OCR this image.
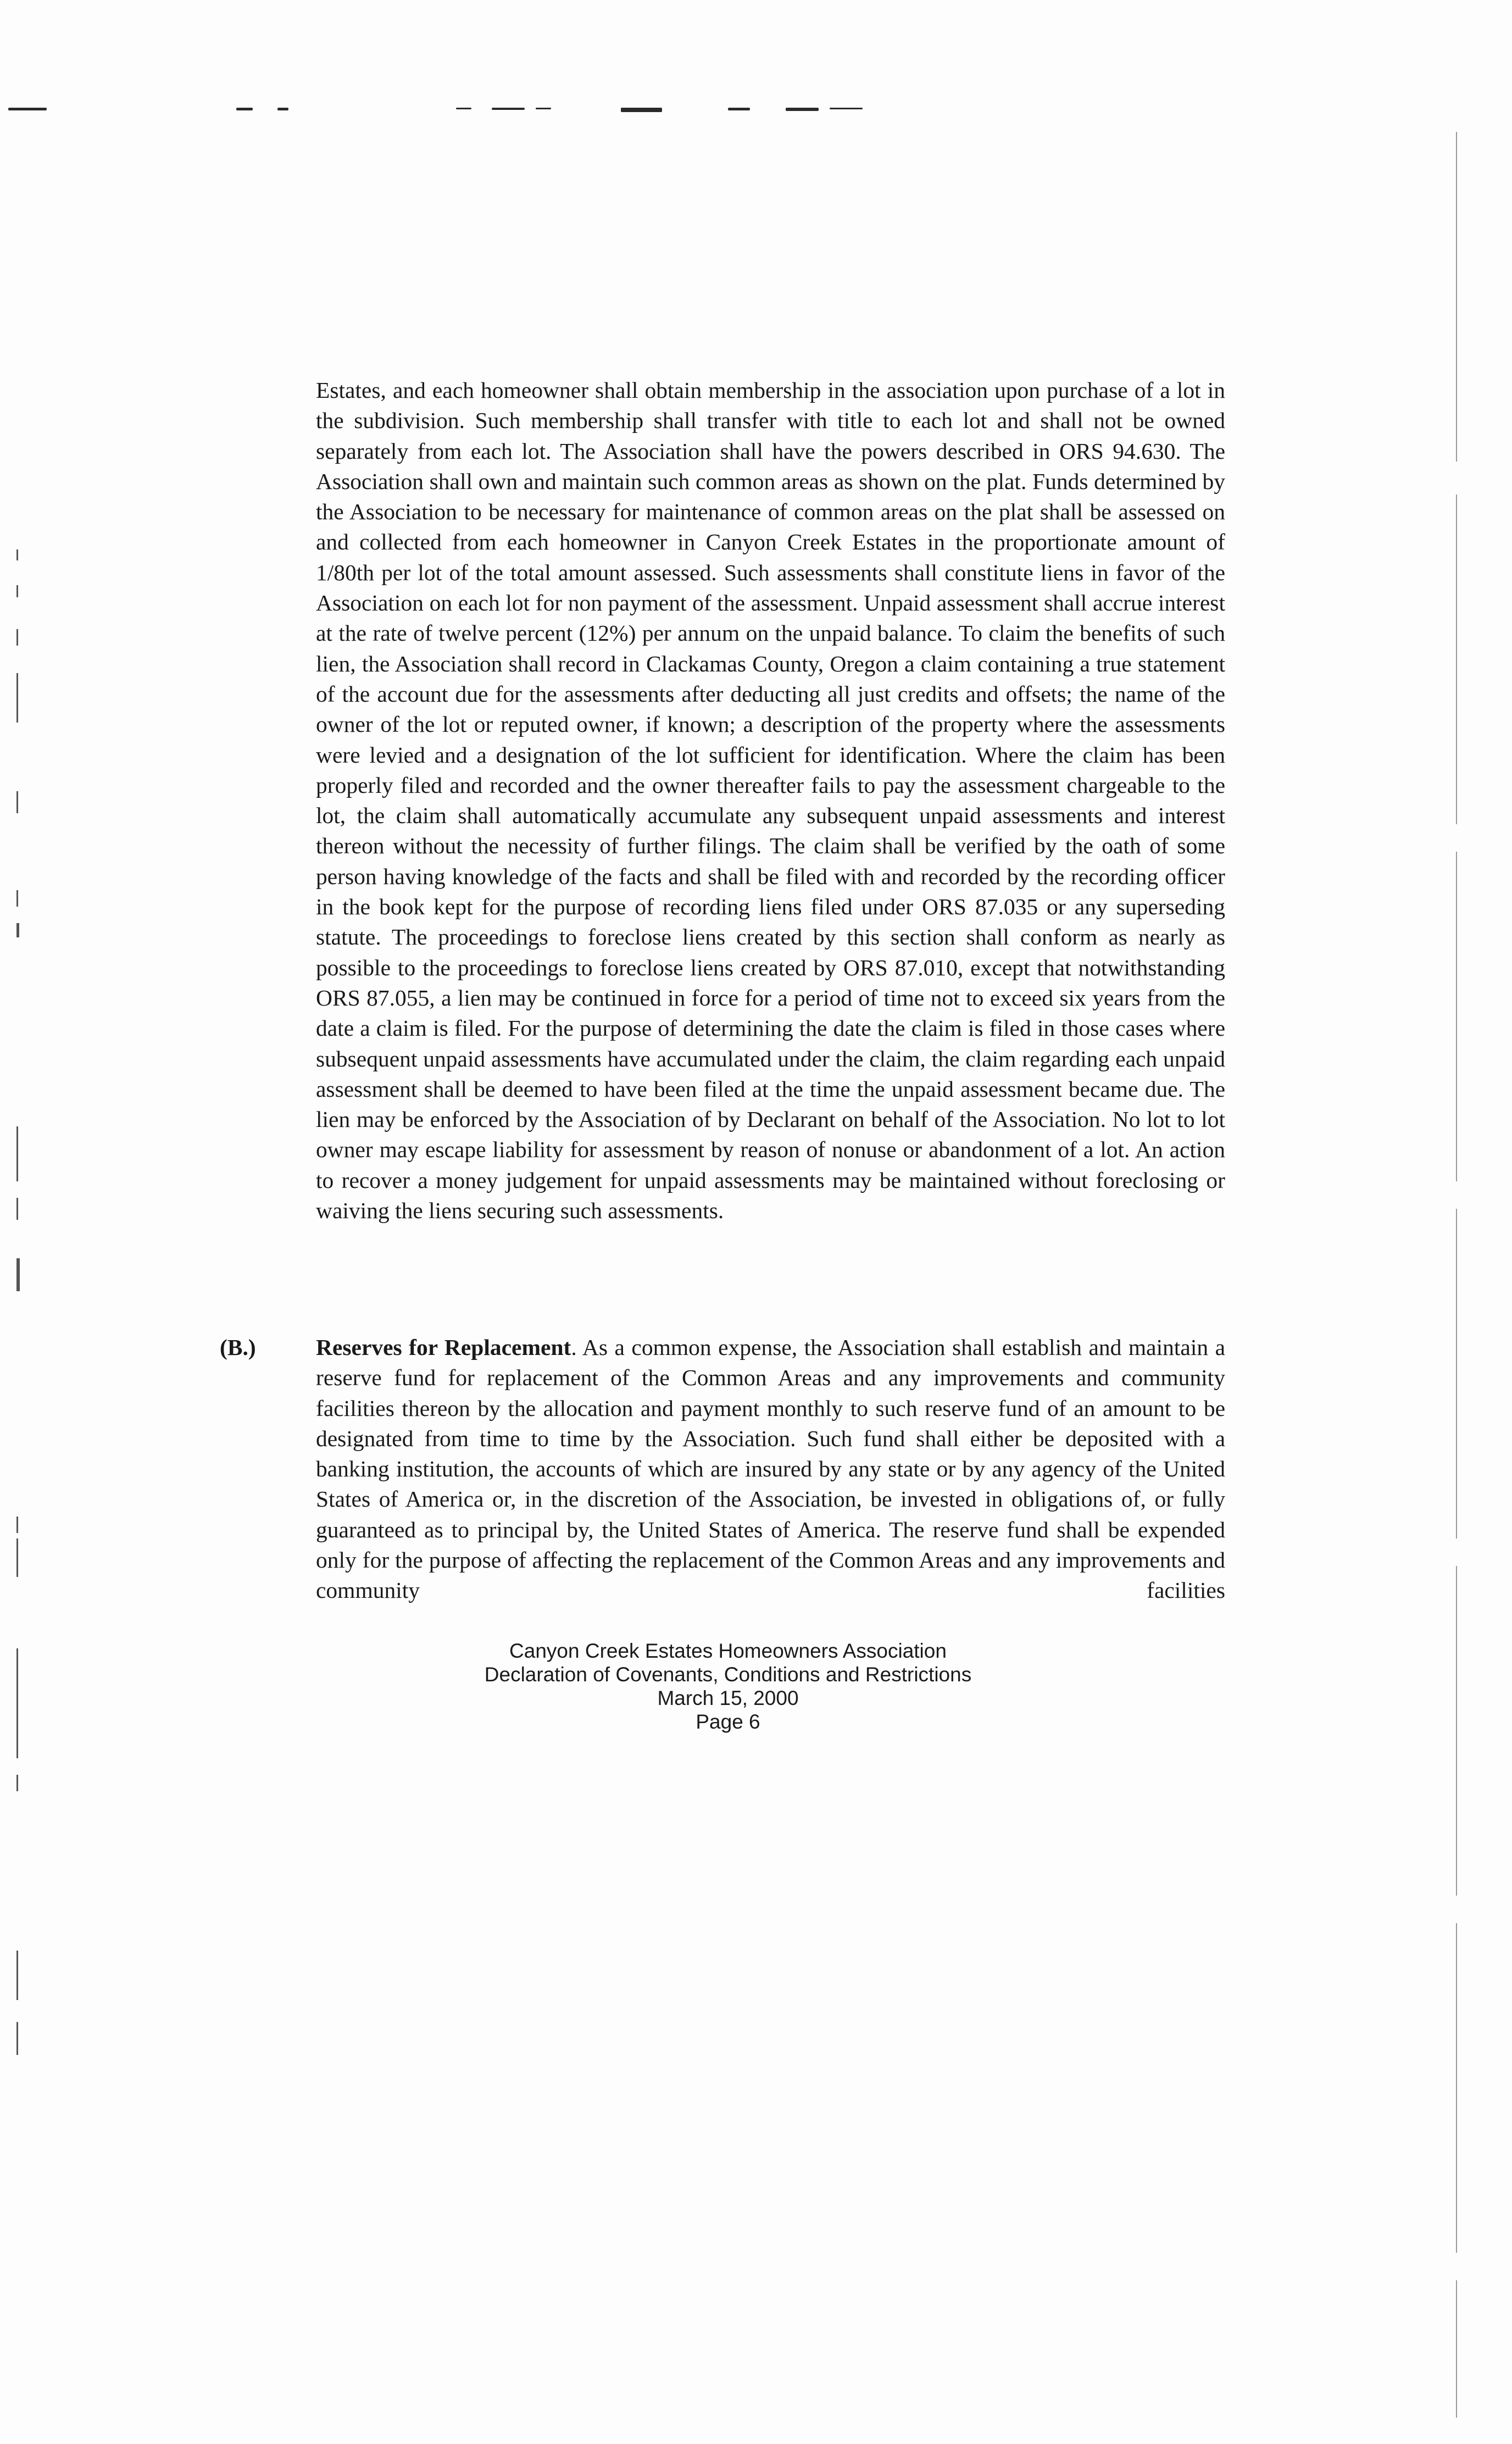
Estates, and each homeowner shall obtain membership in the association upon purchase of a lot in the subdivision. Such membership shall transfer with title to each lot and shall not be owned separately from each lot. The Association shall have the powers described in ORS 94.630. The Association shall own and maintain such common areas as shown on the plat. Funds determined by the Association to be necessary for maintenance of common areas on the plat shall be assessed on and collected from each homeowner in Canyon Creek Estates in the proportionate amount of 1/80th per lot of the total amount assessed. Such assessments shall constitute liens in favor of the Association on each lot for non payment of the assessment. Unpaid assessment shall accrue interest at the rate of twelve percent (12%) per annum on the unpaid balance. To claim the benefits of such lien, the Association shall record in Clackamas County, Oregon a claim containing a true statement of the account due for the assessments after deducting all just credits and offsets; the name of the owner of the lot or reputed owner, if known; a description of the property where the assessments were levied and a designation of the lot sufficient for identification. Where the claim has been properly filed and recorded and the owner thereafter fails to pay the assessment chargeable to the lot, the claim shall automatically accumulate any subsequent unpaid assessments and interest thereon without the necessity of further filings. The claim shall be verified by the oath of some person having knowledge of the facts and shall be filed with and recorded by the recording officer in the book kept for the purpose of recording liens filed under ORS 87.035 or any superseding statute. The proceedings to foreclose liens created by this section shall conform as nearly as possible to the proceedings to foreclose liens created by ORS 87.010, except that notwithstanding ORS 87.055, a lien may be continued in force for a period of time not to exceed six years from the date a claim is filed. For the purpose of determining the date the claim is filed in those cases where subsequent unpaid assessments have accumulated under the claim, the claim regarding each unpaid assessment shall be deemed to have been filed at the time the unpaid assessment became due. The lien may be enforced by the Association of by Declarant on behalf of the Association. No lot to lot owner may escape liability for assessment by reason of nonuse or abandonment of a lot. An action to recover a money judgement for unpaid assessments may be maintained without foreclosing or waiving the liens securing such assessments.

(B.)	Reserves for Replacement. As a common expense, the Association shall establish and maintain a reserve fund for replacement of the Common Areas and any improvements and community facilities thereon by the allocation and payment monthly to such reserve fund of an amount to be designated from time to time by the Association. Such fund shall either be deposited with a banking institution, the accounts of which are insured by any state or by any agency of the United States of America or, in the discretion of the Association, be invested in obligations of, or fully guaranteed as to principal by, the United States of America. The reserve fund shall be expended only for the purpose of affecting the replacement of the Common Areas and any improvements and community facilities

Canyon Creek Estates Homeowners Association
Declaration of Covenants, Conditions and Restrictions
March 15, 2000
Page 6
